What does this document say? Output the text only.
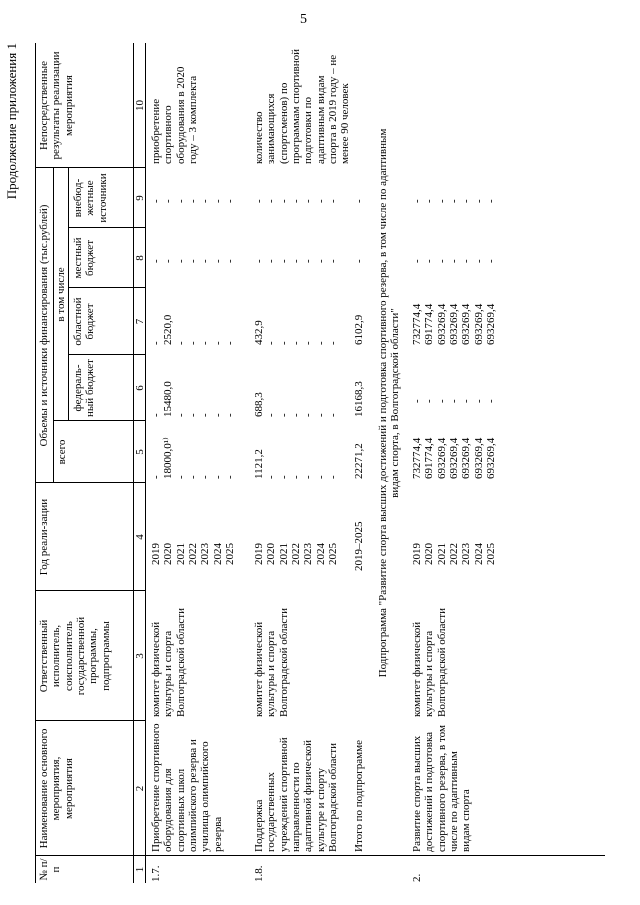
5
Продолжение приложения 1
№ п/п
Наименование основного мероприятия, мероприятия
Ответственный исполнитель, соисполнитель государственной программы, подпрограммы
Год реали-зации
Объемы и источники финансирования (тыс.рублей)
всего
в том числе
федераль-ный бюджет
областной бюджет
местный бюджет
внебюд-жетные источники
Непосредственные результаты реализации мероприятия
1
2
3
4
5
6
7
8
9
10
1.7.
Приобретение спортивного оборудования для спортивных школ олимпийского резерва и училища олимпийского резерва
комитет физической культуры и спорта Волгоградской области
2019
2020
2021
2022
2023
2024
2025
-
18000,0¹⁾
-
-
-
-
-
-
15480,0
-
-
-
-
-
-
2520,0
-
-
-
-
-
-
-
-
-
-
-
-
-
-
-
-
-
-
-
приобретение спортивного оборудования в 2020 году – 3 комплекта
1.8.
Поддержка государственных учреждений спортивной направленности по адаптивной физической культуре и спорту Волгоградской области
комитет физической культуры и спорта Волгоградской области
2019
2020
2021
2022
2023
2024
2025
1121,2
-
-
-
-
-
-
688,3
-
-
-
-
-
-
432,9
-
-
-
-
-
-
-
-
-
-
-
-
-
-
-
-
-
-
-
-
количество занимающихся (спортсменов) по программам спортивной подготовки по адаптивным видам спорта в 2019 году – не менее 90 человек
Итого по подпрограмме
2019–2025
22271,2
16168,3
6102,9
-
- Подпрограмма "Развитие спорта высших достижений и подготовка спортивного резерва, в том числе по адаптивным видам спорта, в Волгоградской области"
2.
Развитие спорта высших достижений и подготовка спортивного резерва, в том числе по адаптивным видам спорта
комитет физической культуры и спорта Волгоградской области
2019
2020
2021
2022
2023
2024
2025
732774,4
691774,4
693269,4
693269,4
693269,4
693269,4
693269,4
-
-
-
-
-
-
-
732774,4
691774,4
693269,4
693269,4
693269,4
693269,4
693269,4
-
-
-
-
-
-
-
-
-
-
-
-
-
-
